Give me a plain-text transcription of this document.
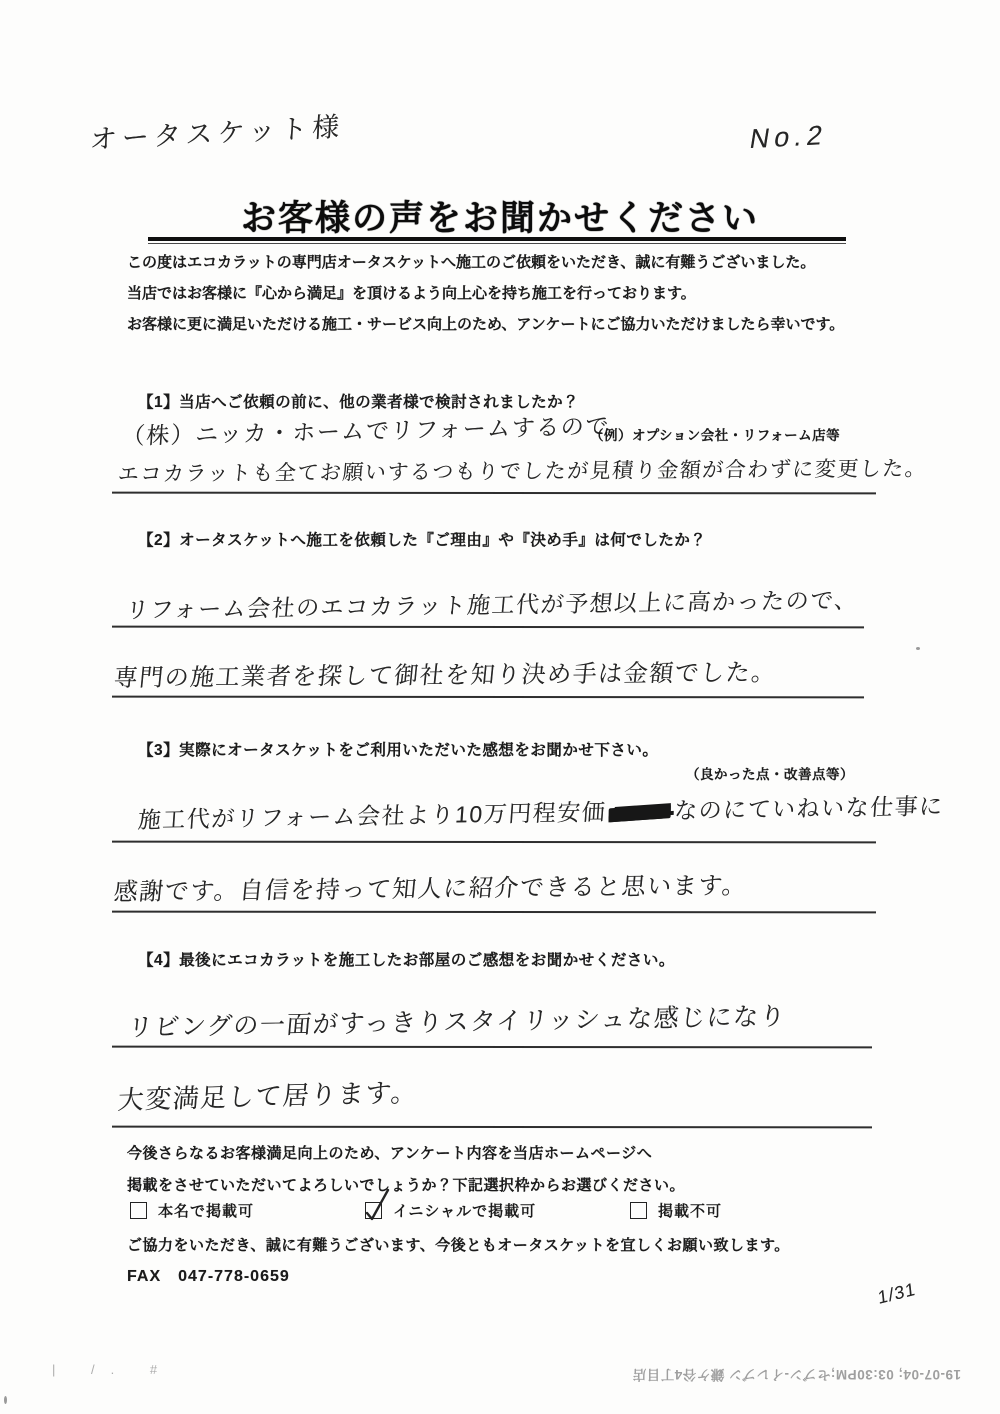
オータスケット様	No.2
お客様の声をお聞かせください

この度はエコカラットの専門店オータスケットへ施工のご依頼をいただき、誠に有難うございました。

当店ではお客様に『心から満足』を頂けるよう向上心を持ち施工を行っております。

お客様に更に満足いただける施工・サービス向上のため、アンケートにご協力いただけましたら幸いです。

【1】当店へご依頼の前に、他の業者様で検討されましたか？
（株）ニッカ・ホームでリフォームするので
（例）オプション会社・リフォーム店等
エコカラットも全てお願いするつもりでしたが見積り金額が合わずに変更した。
【2】オータスケットへ施工を依頼した『ご理由』や『決め手』は何でしたか？
リフォーム会社のエコカラット施工代が予想以上に高かったので、
専門の施工業者を探して御社を知り決め手は金額でした。
【3】実際にオータスケットをご利用いただいた感想をお聞かせ下さい。
（良かった点・改善点等）
施工代がリフォーム会社より10万円程安価	なのにていねいな仕事に
感謝です。自信を持って知人に紹介できると思います。
【4】最後にエコカラットを施工したお部屋のご感想をお聞かせください。
リビングの一面がすっきりスタイリッシュな感じになり
大変満足して居ります。
今後さらなるお客様満足向上のため、アンケート内容を当店ホームページへ
掲載をさせていただいてよろしいでしょうか？下記選択枠からお選びください。
本名で掲載可	イニシャルで掲載可	掲載不可
ご協力をいただき、誠に有難うございます、今後ともオータスケットを宜しくお願い致します。
FAX　047-778-0659
1/31
| /. #	19-07-04; 03:30PM;セブン-イレブン 鎌ケ谷4丁目店
